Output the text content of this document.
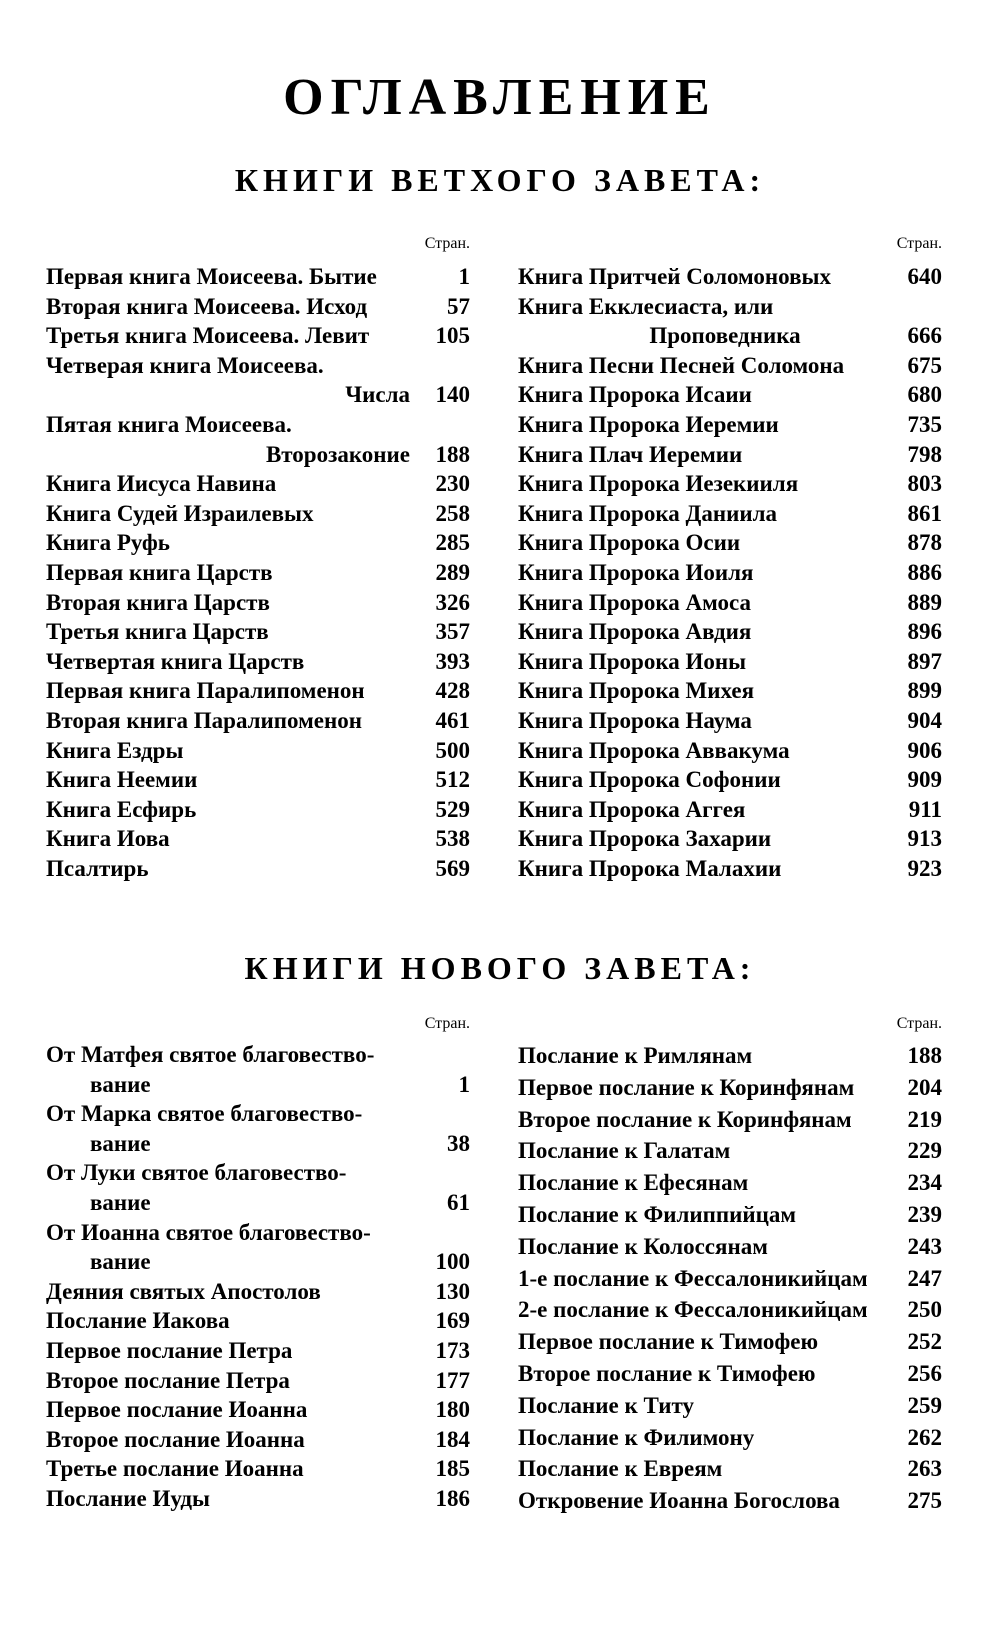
ОГЛАВЛЕНИЕ
КНИГИ ВЕТХОГО ЗАВЕТА:
Стран.
Первая книга Моисеева. Бытие	1
Вторая книга Моисеева. Исход	57
Третья книга Моисеева. Левит	105
Четверая книга Моисеева.
Числа	140
Пятая книга Моисеева.
Второзаконие	188
Книга Иисуса Навина	230
Книга Судей Израилевых	258
Книга Руфь	285
Первая книга Царств	289
Вторая книга Царств	326
Третья книга Царств	357
Четвертая книга Царств	393
Первая книга Паралипоменон	428
Вторая книга Паралипоменон	461
Книга Ездры	500
Книга Неемии	512
Книга Есфирь	529
Книга Иова	538
Псалтирь	569
Стран.
Книга Притчей Соломоновых	640
Книга Екклесиаста, или
Проповедника	666
Книга Песни Песней Соломона	675
Книга Пророка Исаии	680
Книга Пророка Иеремии	735
Книга Плач Иеремии	798
Книга Пророка Иезекииля	803
Книга Пророка Даниила	861
Книга Пророка Осии	878
Книга Пророка Иоиля	886
Книга Пророка Амоса	889
Книга Пророка Авдия	896
Книга Пророка Ионы	897
Книга Пророка Михея	899
Книга Пророка Наума	904
Книга Пророка Аввакума	906
Книга Пророка Софонии	909
Книга Пророка Аггея	911
Книга Пророка Захарии	913
Книга Пророка Малахии	923
КНИГИ НОВОГО ЗАВЕТА:
Стран.
От Матфея святое благовество-
вание	1
От Марка святое благовество-
вание	38
От Луки святое благовество-
вание	61
От Иоанна святое благовество-
вание	100
Деяния святых Апостолов	130
Послание Иакова	169
Первое послание Петра	173
Второе послание Петра	177
Первое послание Иоанна	180
Второе послание Иоанна	184
Третье послание Иоанна	185
Послание Иуды	186
Стран.
Послание к Римлянам	188
Первое послание к Коринфянам	204
Второе послание к Коринфянам	219
Послание к Галатам	229
Послание к Ефесянам	234
Послание к Филиппийцам	239
Послание к Колоссянам	243
1-е послание к Фессалоникийцам	247
2-е послание к Фессалоникийцам	250
Первое послание к Тимофею	252
Второе послание к Тимофею	256
Послание к Титу	259
Послание к Филимону	262
Послание к Евреям	263
Откровение Иоанна Богослова	275
